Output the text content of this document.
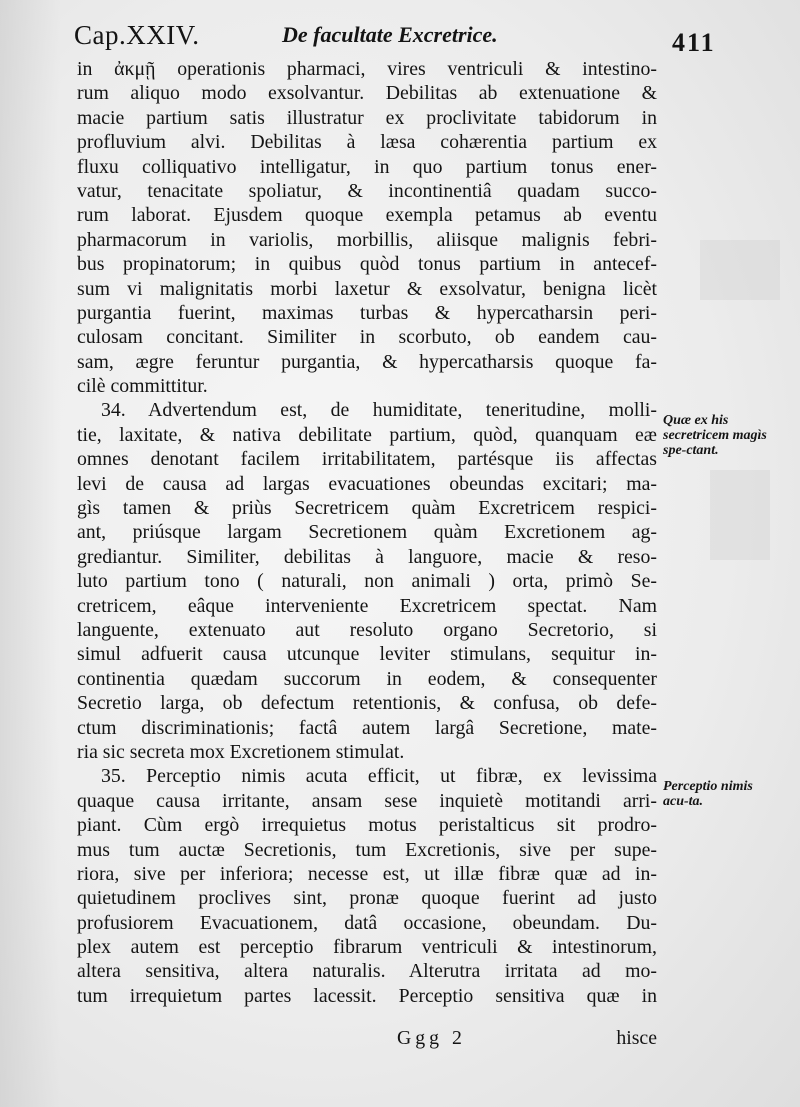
Cap.XXIV.	De facultate Excretrice.	411
in ἀκμῇ operationis pharmaci, vires ventriculi & intestino-
rum aliquo modo exsolvantur. Debilitas ab extenuatione &
macie partium satis illustratur ex proclivitate tabidorum in
profluvium alvi. Debilitas à læsa cohærentia partium ex
fluxu colliquativo intelligatur, in quo partium tonus ener-
vatur, tenacitate spoliatur, & incontinentiâ quadam succo-
rum laborat. Ejusdem quoque exempla petamus ab eventu
pharmacorum in variolis, morbillis, aliisque malignis febri-
bus propinatorum; in quibus quòd tonus partium in antecef-
sum vi malignitatis morbi laxetur & exsolvatur, benigna licèt
purgantia fuerint, maximas turbas & hypercatharsin peri-
culosam concitant. Similiter in scorbuto, ob eandem cau-
sam, ægre feruntur purgantia, & hypercatharsis quoque fa-
cilè committitur.
34. Advertendum est, de humiditate, teneritudine, molli-
tie, laxitate, & nativa debilitate partium, quòd, quanquam eæ
omnes denotant facilem irritabilitatem, partésque iis affectas
levi de causa ad largas evacuationes obeundas excitari; ma-
gìs tamen & priùs Secretricem quàm Excretricem respici-
ant, priúsque largam Secretionem quàm Excretionem ag-
grediantur. Similiter, debilitas à languore, macie & reso-
luto partium tono ( naturali, non animali ) orta, primò Se-
cretricem, eâque interveniente Excretricem spectat. Nam
languente, extenuato aut resoluto organo Secretorio, si
simul adfuerit causa utcunque leviter stimulans, sequitur in-
continentia quædam succorum in eodem, & consequenter
Secretio larga, ob defectum retentionis, & confusa, ob defe-
ctum discriminationis; factâ autem largâ Secretione, mate-
ria sic secreta mox Excretionem stimulat.
35. Perceptio nimis acuta efficit, ut fibræ, ex levissima
quaque causa irritante, ansam sese inquietè motitandi arri-
piant. Cùm ergò irrequietus motus peristalticus sit prodro-
mus tum auctæ Secretionis, tum Excretionis, sive per supe-
riora, sive per inferiora; necesse est, ut illæ fibræ quæ ad in-
quietudinem proclives sint, pronæ quoque fuerint ad justo
profusiorem Evacuationem, datâ occasione, obeundam. Du-
plex autem est perceptio fibrarum ventriculi & intestinorum,
altera sensitiva, altera naturalis. Alterutra irritata ad mo-
tum irrequietum partes lacessit. Perceptio sensitiva quæ in
Quæ ex his secretricem magìs spe-ctant.
Perceptio nimis acu-ta.
Ggg 2	hisce
